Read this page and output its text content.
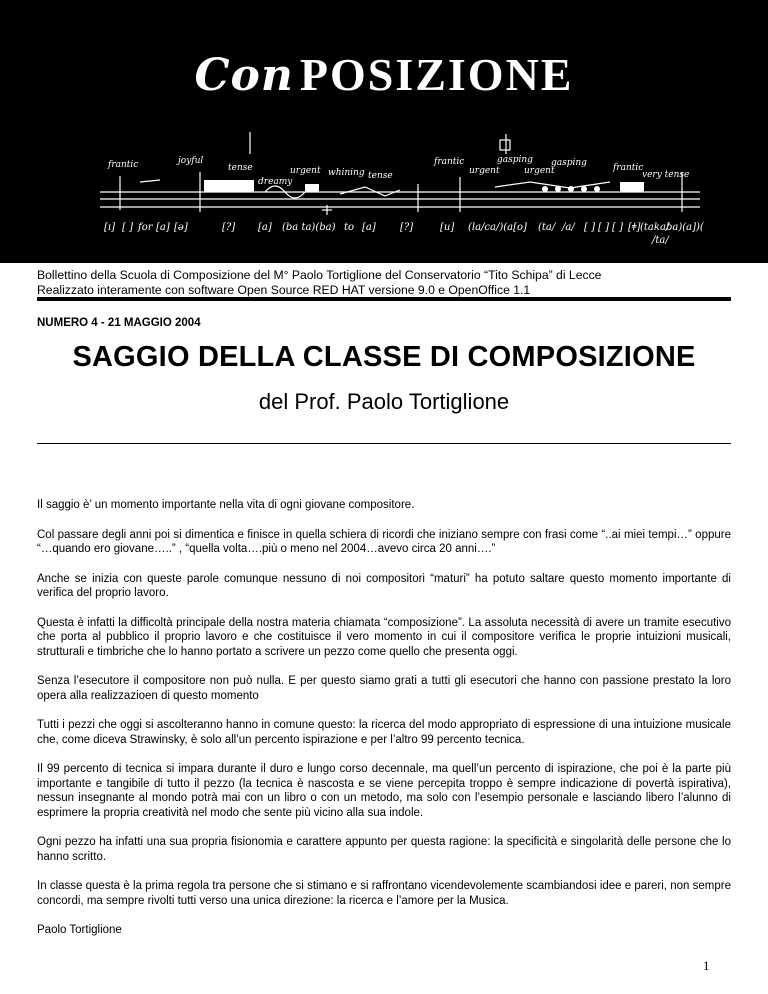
Con POSIZIONE
frantic	joyful
tense	urgent whining
dreamy
tense
frantic	gasping gasping
urgent	urgent	frantic
very tense
[ı] [ ] for [a] [ə]	[?] [a] (ba ta)(ba) to [a] [?]	[u] (la/ca/)(a[o] (ta/ /a/ [ ] [ ] [ ] [ǂ] (taka/
ba)(a])(
/ta/
Bollettino della Scuola di Composizione del M° Paolo Tortiglione del Conservatorio “Tito Schipa” di Lecce
Realizzato interamente con software Open Source RED HAT versione 9.0 e OpenOffice 1.1
NUMERO 4 - 21 MAGGIO 2004
SAGGIO DELLA CLASSE DI COMPOSIZIONE
del Prof. Paolo Tortiglione

Il saggio è’ un momento importante nella vita di ogni giovane compositore.

Col passare degli anni poi si dimentica e finisce in quella schiera di ricordi che iniziano sempre con frasi come “..ai miei tempi…” oppure “…quando ero giovane…..” , “quella volta….più o meno nel 2004…avevo circa 20 anni….”

Anche se inizia con queste parole comunque nessuno di noi compositori “maturi” ha potuto saltare questo momento importante di verifica del proprio lavoro.

Questa è infatti la difficoltà principale della nostra materia chiamata “composizione”. La assoluta necessità di avere un tramite esecutivo che porta al pubblico il proprio lavoro e che costituisce il vero momento in cui il compositore verifica le proprie intuizioni musicali, strutturali e timbriche che lo hanno portato a scrivere un pezzo come quello che presenta oggi.

Senza l’esecutore il compositore non può nulla. E per questo siamo grati a tutti gli esecutori che hanno con passione prestato la loro opera alla realizzazioen di questo momento

Tutti i pezzi che oggi si ascolteranno hanno in comune questo: la ricerca del modo appropriato di espressione di una intuizione musicale che, come diceva Strawinsky, è solo all’un percento ispirazione e per l’altro 99 percento tecnica.

Il 99 percento di tecnica si impara durante il duro e lungo corso decennale, ma quell’un percento di ispirazione, che poi è la parte più importante e tangibile di tutto il pezzo (la tecnica è nascosta e se viene percepita troppo è sempre indicazione di povertà ispirativa), nessun insegnante al mondo potrà mai con un libro o con un metodo, ma solo con l’esempio personale e lasciando libero l’alunno di esprimere la propria creatività nel modo che sente più vicino alla sua indole.

Ogni pezzo ha infatti una sua propria fisionomia e carattere appunto per questa ragione: la specificità e singolarità delle persone che lo hanno scritto.

In classe questa è la prima regola tra persone che si stimano e si raffrontano vicendevolemente scambiandosi idee e pareri, non sempre concordi, ma sempre rivolti tutti verso una unica direzione: la ricerca e l’amore per la Musica.

Paolo Tortiglione

1
